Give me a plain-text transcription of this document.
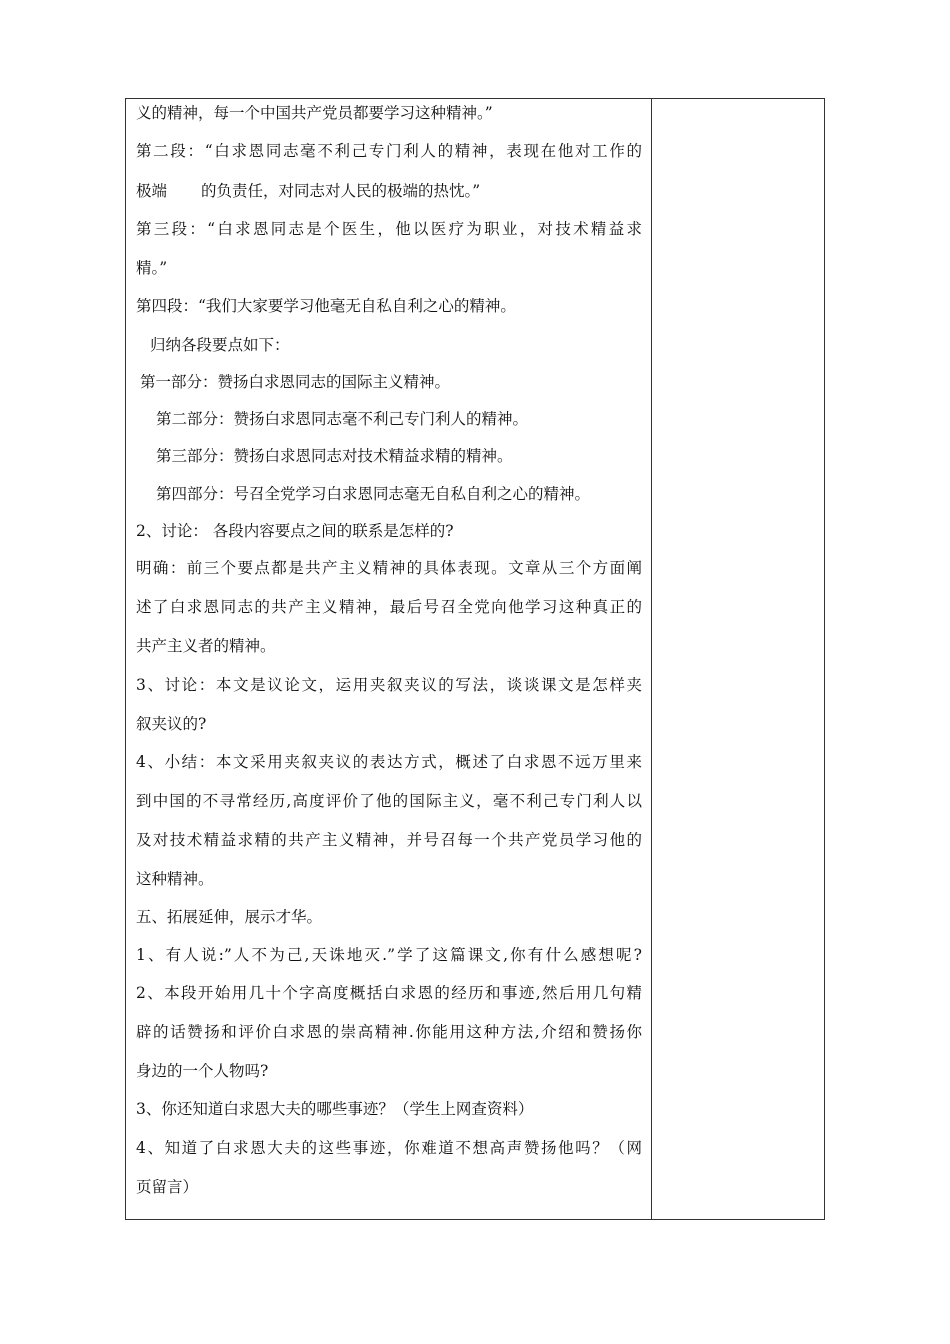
义的精神，每一个中国共产党员都要学习这种精神。”
第二段：“白求恩同志毫不利己专门利人的精神，表现在他对工作的
极端 的负责任，对同志对人民的极端的热忱。”
第三段：“白求恩同志是个医生，他以医疗为职业，对技术精益求
精。”
第四段：“我们大家要学习他毫无自私自利之心的精神。
归纳各段要点如下：
第一部分：赞扬白求恩同志的国际主义精神。
第二部分：赞扬白求恩同志毫不利己专门利人的精神。
第三部分：赞扬白求恩同志对技术精益求精的精神。
第四部分：号召全党学习白求恩同志毫无自私自利之心的精神。
2、讨论： 各段内容要点之间的联系是怎样的?
明确：前三个要点都是共产主义精神的具体表现。文章从三个方面阐
述了白求恩同志的共产主义精神，最后号召全党向他学习这种真正的
共产主义者的精神。
3、讨论：本文是议论文，运用夹叙夹议的写法，谈谈课文是怎样夹
叙夹议的?
4、小结：本文采用夹叙夹议的表达方式，概述了白求恩不远万里来
到中国的不寻常经历,高度评价了他的国际主义，毫不利己专门利人以
及对技术精益求精的共产主义精神，并号召每一个共产党员学习他的
这种精神。
五、拓展延伸，展示才华。
1、有人说:”人不为己,天诛地灭.”学了这篇课文,你有什么感想呢?
2、本段开始用几十个字高度概括白求恩的经历和事迹,然后用几句精
辟的话赞扬和评价白求恩的崇高精神.你能用这种方法,介绍和赞扬你
身边的一个人物吗?
3、你还知道白求恩大夫的哪些事迹？（学生上网查资料）
4、知道了白求恩大夫的这些事迹，你难道不想高声赞扬他吗？（网
页留言）
